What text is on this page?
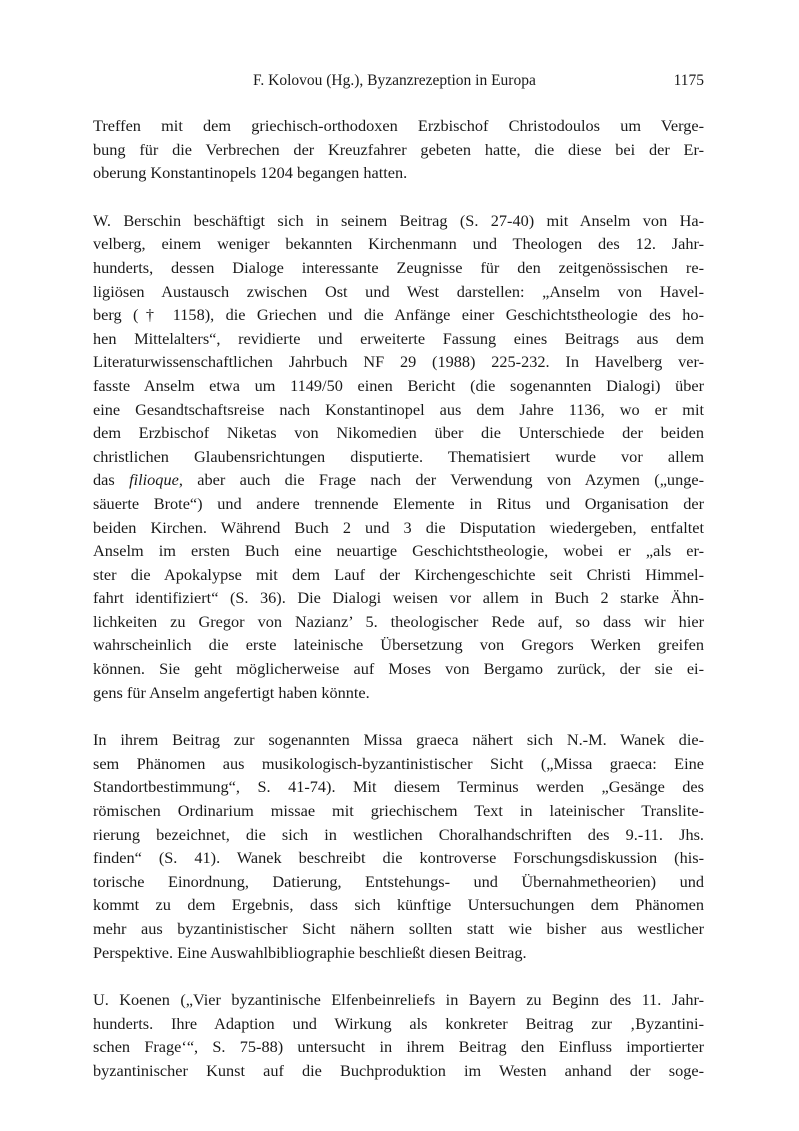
F. Kolovou (Hg.), Byzanzrezeption in Europa	1175
Treffen mit dem griechisch-orthodoxen Erzbischof Christodoulos um Verge-
bung für die Verbrechen der Kreuzfahrer gebeten hatte, die diese bei der Er-
oberung Konstantinopels 1204 begangen hatten.
W. Berschin beschäftigt sich in seinem Beitrag (S. 27-40) mit Anselm von Ha-
velberg, einem weniger bekannten Kirchenmann und Theologen des 12. Jahr-
hunderts, dessen Dialoge interessante Zeugnisse für den zeitgenössischen re-
ligiösen Austausch zwischen Ost und West darstellen: „Anselm von Havel-
berg († 1158), die Griechen und die Anfänge einer Geschichtstheologie des ho-
hen Mittelalters“, revidierte und erweiterte Fassung eines Beitrags aus dem
Literaturwissenschaftlichen Jahrbuch NF 29 (1988) 225-232. In Havelberg ver-
fasste Anselm etwa um 1149/50 einen Bericht (die sogenannten Dialogi) über
eine Gesandtschaftsreise nach Konstantinopel aus dem Jahre 1136, wo er mit
dem Erzbischof Niketas von Nikomedien über die Unterschiede der beiden
christlichen Glaubensrichtungen disputierte. Thematisiert wurde vor allem
das filioque, aber auch die Frage nach der Verwendung von Azymen („unge-
säuerte Brote“) und andere trennende Elemente in Ritus und Organisation der
beiden Kirchen. Während Buch 2 und 3 die Disputation wiedergeben, entfaltet
Anselm im ersten Buch eine neuartige Geschichtstheologie, wobei er „als er-
ster die Apokalypse mit dem Lauf der Kirchengeschichte seit Christi Himmel-
fahrt identifiziert“ (S. 36). Die Dialogi weisen vor allem in Buch 2 starke Ähn-
lichkeiten zu Gregor von Nazianz’ 5. theologischer Rede auf, so dass wir hier
wahrscheinlich die erste lateinische Übersetzung von Gregors Werken greifen
können. Sie geht möglicherweise auf Moses von Bergamo zurück, der sie ei-
gens für Anselm angefertigt haben könnte.
In ihrem Beitrag zur sogenannten Missa graeca nähert sich N.-M. Wanek die-
sem Phänomen aus musikologisch-byzantinistischer Sicht („Missa graeca: Eine
Standortbestimmung“, S. 41-74). Mit diesem Terminus werden „Gesänge des
römischen Ordinarium missae mit griechischem Text in lateinischer Translite-
rierung bezeichnet, die sich in westlichen Choralhandschriften des 9.-11. Jhs.
finden“ (S. 41). Wanek beschreibt die kontroverse Forschungsdiskussion (his-
torische Einordnung, Datierung, Entstehungs- und Übernahmetheorien) und
kommt zu dem Ergebnis, dass sich künftige Untersuchungen dem Phänomen
mehr aus byzantinistischer Sicht nähern sollten statt wie bisher aus westlicher
Perspektive. Eine Auswahlbibliographie beschließt diesen Beitrag.
U. Koenen („Vier byzantinische Elfenbeinreliefs in Bayern zu Beginn des 11. Jahr-
hunderts. Ihre Adaption und Wirkung als konkreter Beitrag zur ‚Byzantini-
schen Frage‘“, S. 75-88) untersucht in ihrem Beitrag den Einfluss importierter
byzantinischer Kunst auf die Buchproduktion im Westen anhand der soge-
